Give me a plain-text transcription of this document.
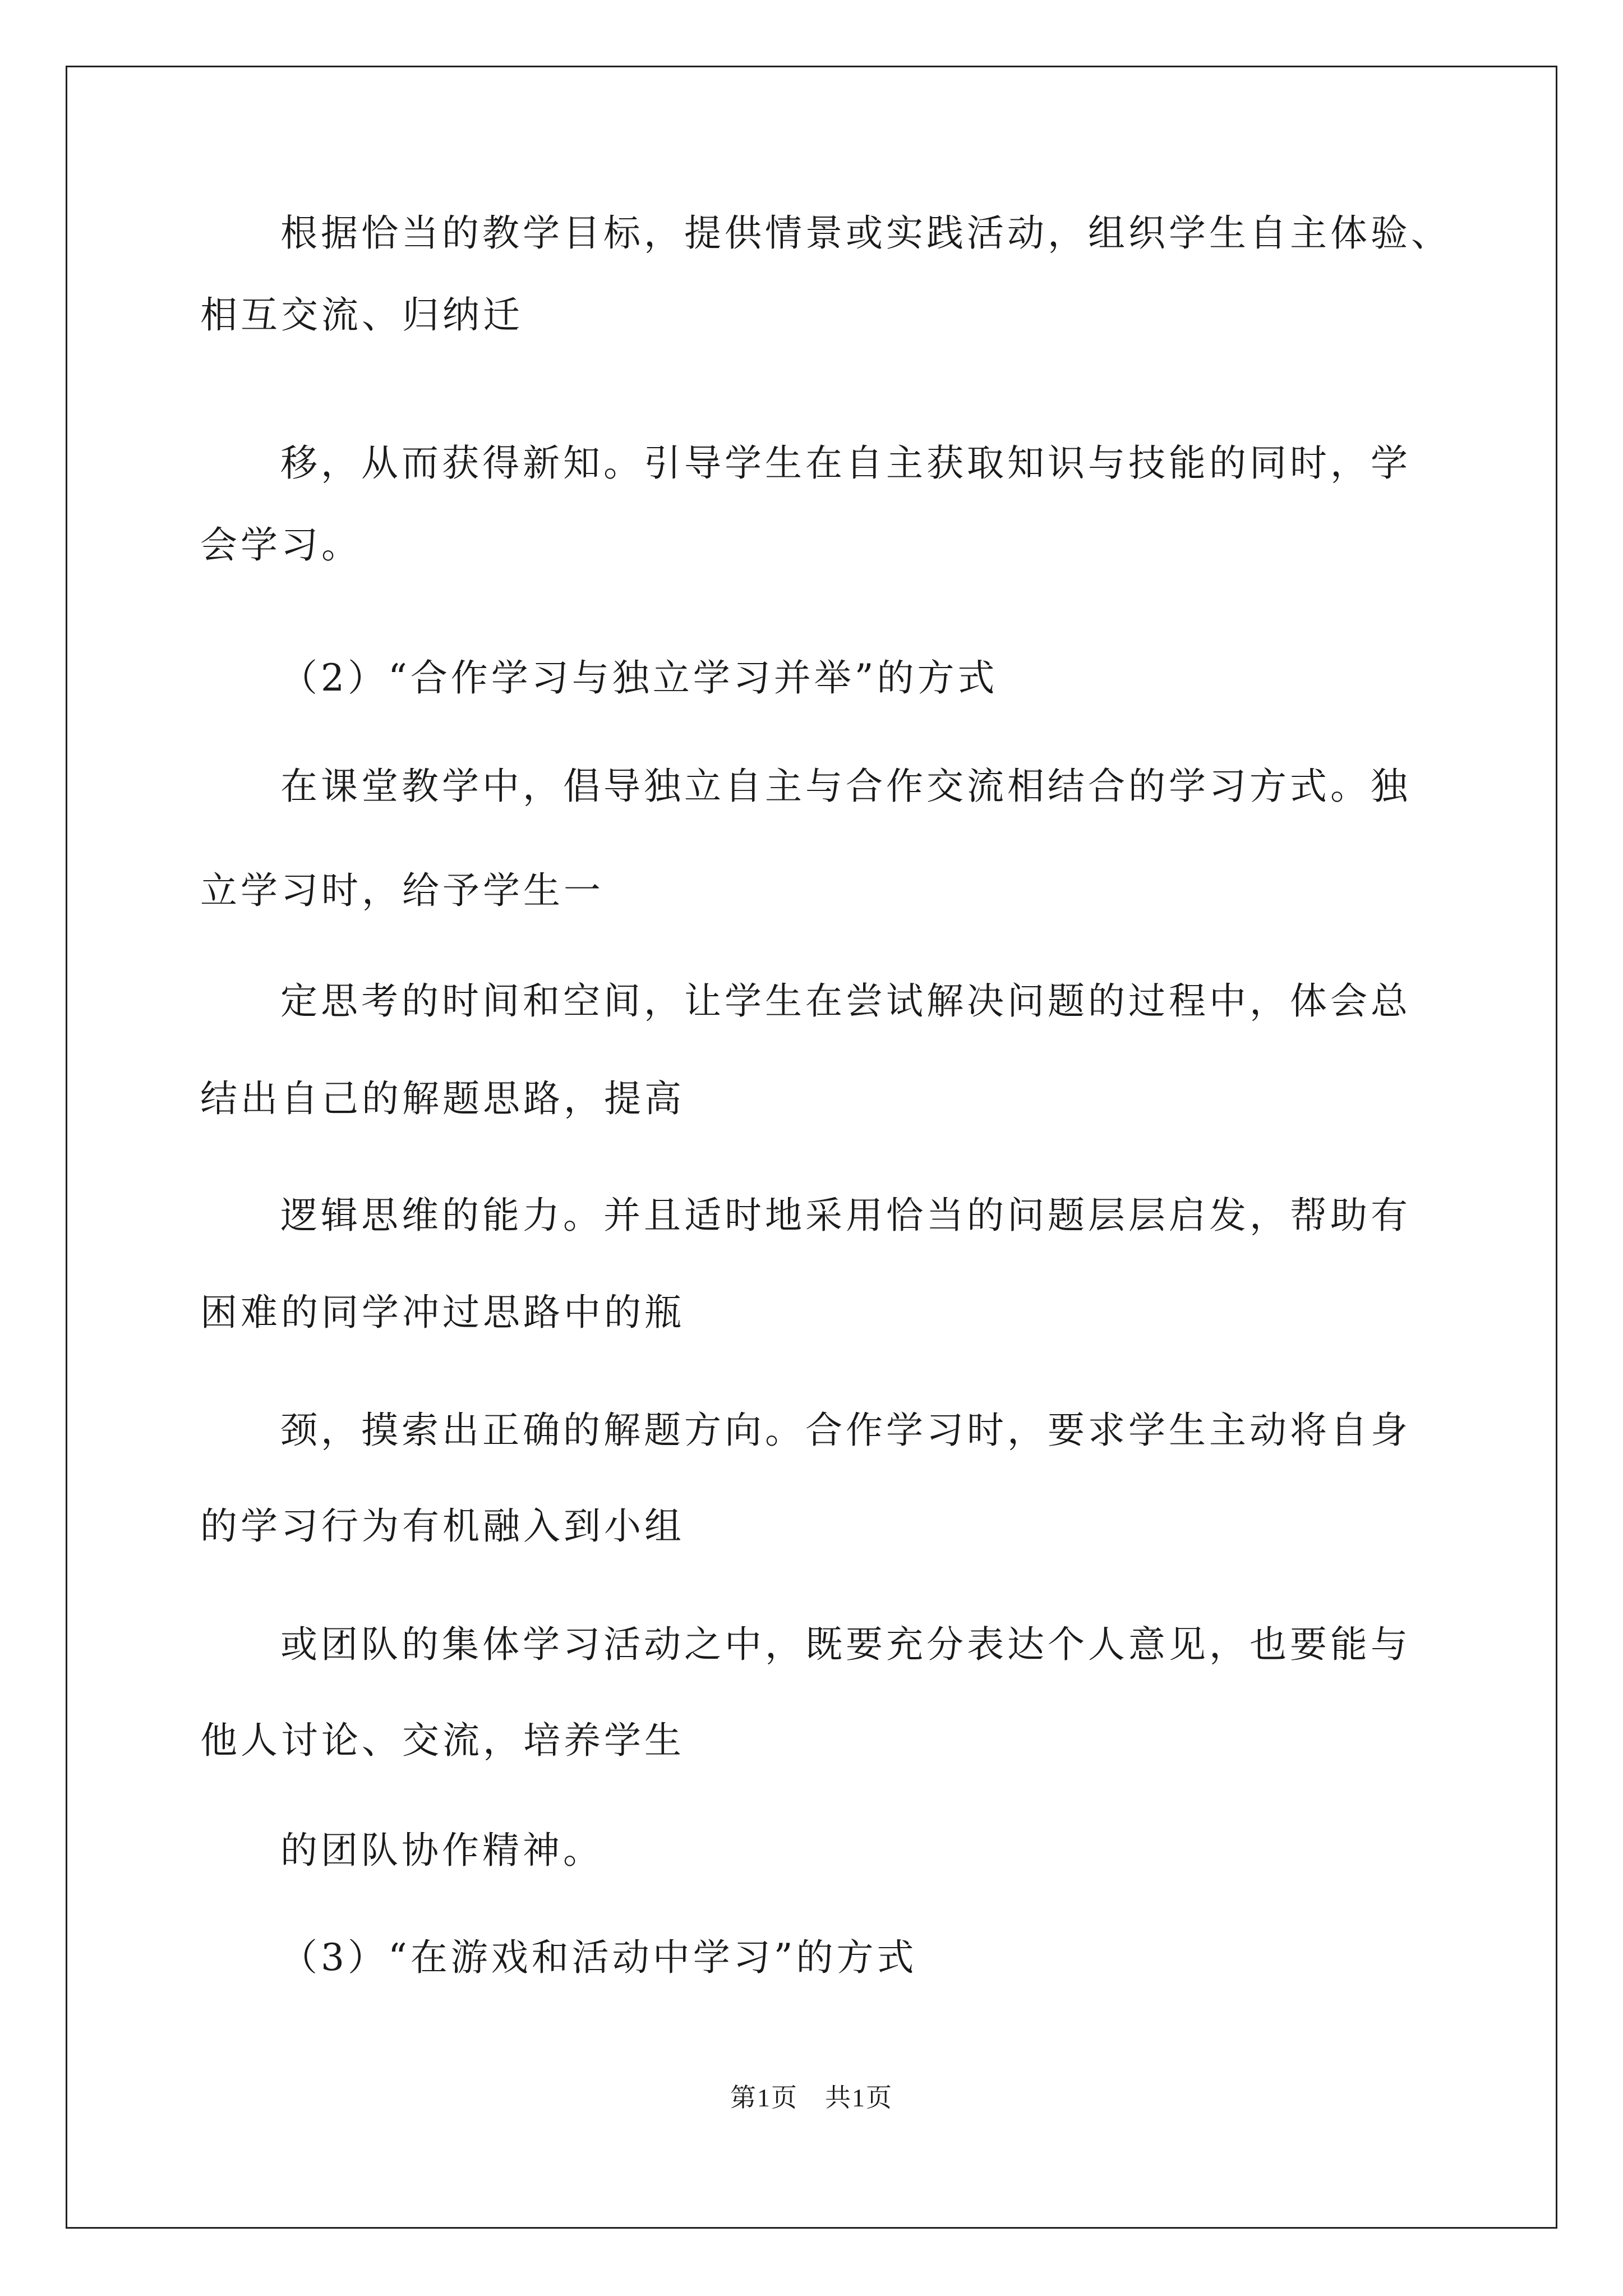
根据恰当的教学目标，提供情景或实践活动，组织学生自主体验、

相互交流、归纳迁

移，从而获得新知。引导学生在自主获取知识与技能的同时，学

会学习。

（2）“合作学习与独立学习并举”的方式

在课堂教学中，倡导独立自主与合作交流相结合的学习方式。独

立学习时，给予学生一

定思考的时间和空间，让学生在尝试解决问题的过程中，体会总

结出自己的解题思路，提高

逻辑思维的能力。并且适时地采用恰当的问题层层启发，帮助有

困难的同学冲过思路中的瓶

颈，摸索出正确的解题方向。合作学习时，要求学生主动将自身

的学习行为有机融入到小组

或团队的集体学习活动之中，既要充分表达个人意见，也要能与

他人讨论、交流，培养学生

的团队协作精神。

（3）“在游戏和活动中学习”的方式

第1页　共1页
